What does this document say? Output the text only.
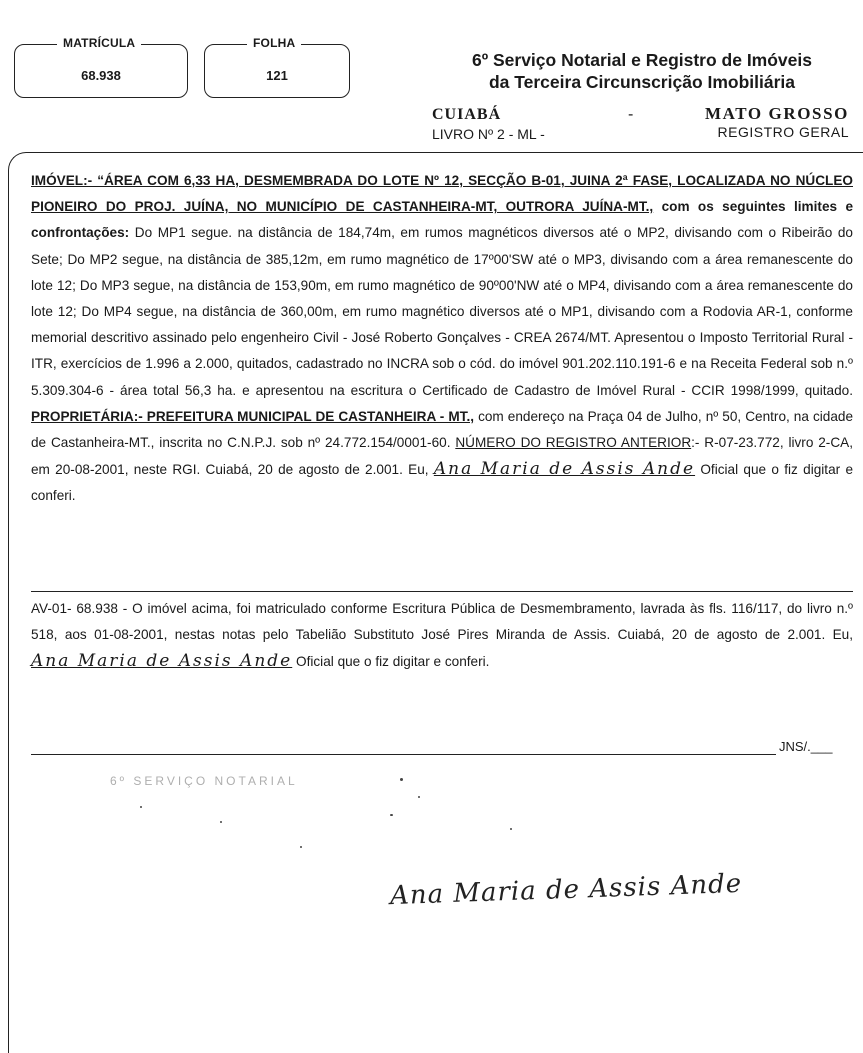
MATRÍCULA
68.938
FOLHA
121
6º Serviço Notarial e Registro de Imóveis
da Terceira Circunscrição Imobiliária
CUIABÁ	-	MATO GROSSO
LIVRO Nº 2 - ML -	REGISTRO GERAL
IMÓVEL:- “ÁREA COM 6,33 HA, DESMEMBRADA DO LOTE Nº 12, SECÇÃO B-01, JUINA 2ª FASE, LOCALIZADA NO NÚCLEO PIONEIRO DO PROJ. JUÍNA, NO MUNICÍPIO DE CASTANHEIRA-MT, OUTRORA JUÍNA-MT., com os seguintes limites e confrontações: Do MP1 segue. na distância de 184,74m, em rumos magnéticos diversos até o MP2, divisando com o Ribeirão do Sete; Do MP2 segue, na distância de 385,12m, em rumo magnético de 17º00'SW até o MP3, divisando com a área remanescente do lote 12; Do MP3 segue, na distância de 153,90m, em rumo magnético de 90º00'NW até o MP4, divisando com a área remanescente do lote 12; Do MP4 segue, na distância de 360,00m, em rumo magnético diversos até o MP1, divisando com a Rodovia AR-1, conforme memorial descritivo assinado pelo engenheiro Civil - José Roberto Gonçalves - CREA 2674/MT. Apresentou o Imposto Territorial Rural - ITR, exercícios de 1.996 a 2.000, quitados, cadastrado no INCRA sob o cód. do imóvel 901.202.110.191-6 e na Receita Federal sob n.º 5.309.304-6 - área total 56,3 ha. e apresentou na escritura o Certificado de Cadastro de Imóvel Rural - CCIR 1998/1999, quitado. PROPRIETÁRIA:- PREFEITURA MUNICIPAL DE CASTANHEIRA - MT., com endereço na Praça 04 de Julho, nº 50, Centro, na cidade de Castanheira-MT., inscrita no C.N.P.J. sob nº 24.772.154/0001-60. NÚMERO DO REGISTRO ANTERIOR:- R-07-23.772, livro 2-CA, em 20-08-2001, neste RGI. Cuiabá, 20 de agosto de 2.001. Eu, Ana Maria de Assis Ande Oficial que o fiz digitar e conferi.
AV-01- 68.938 - O imóvel acima, foi matriculado conforme Escritura Pública de Desmembramento, lavrada às fls. 116/117, do livro n.º 518, aos 01-08-2001, nestas notas pelo Tabelião Substituto José Pires Miranda de Assis. Cuiabá, 20 de agosto de 2.001. Eu, Ana Maria de Assis Ande Oficial que o fiz digitar e conferi.
JNS/.___
6º SERVIÇO NOTARIAL
Ana Maria de Assis Ande
